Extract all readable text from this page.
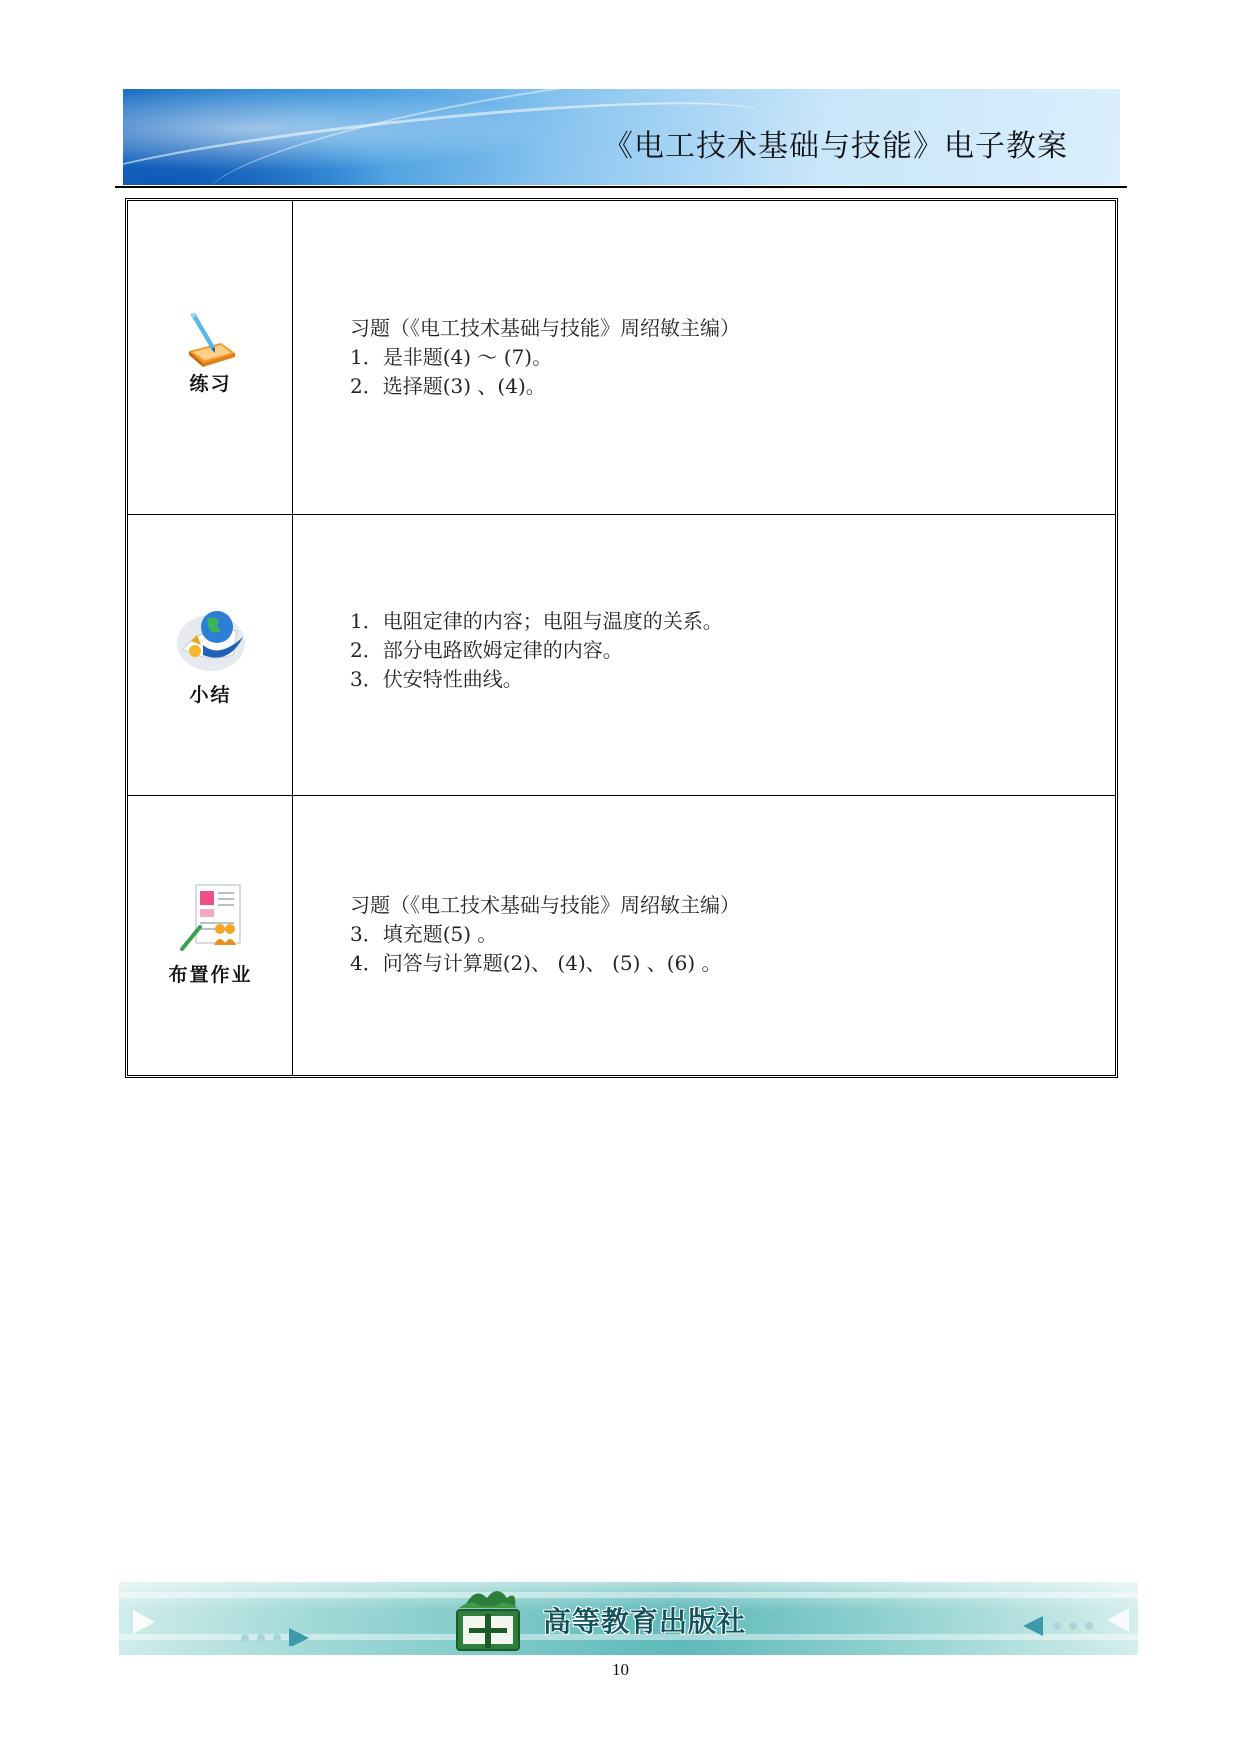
《电工技术基础与技能》电子教案
练习
习题（《电工技术基础与技能》周绍敏主编）
1．是非题(4) ～ (7)。
2．选择题(3) 、(4)。
小结
1．电阻定律的内容；电阻与温度的关系。
2．部分电路欧姆定律的内容。
3．伏安特性曲线。
布置作业
习题（《电工技术基础与技能》周绍敏主编）
3．填充题(5) 。
4．问答与计算题(2)、 (4)、 (5) 、(6) 。
高等教育出版社
10
